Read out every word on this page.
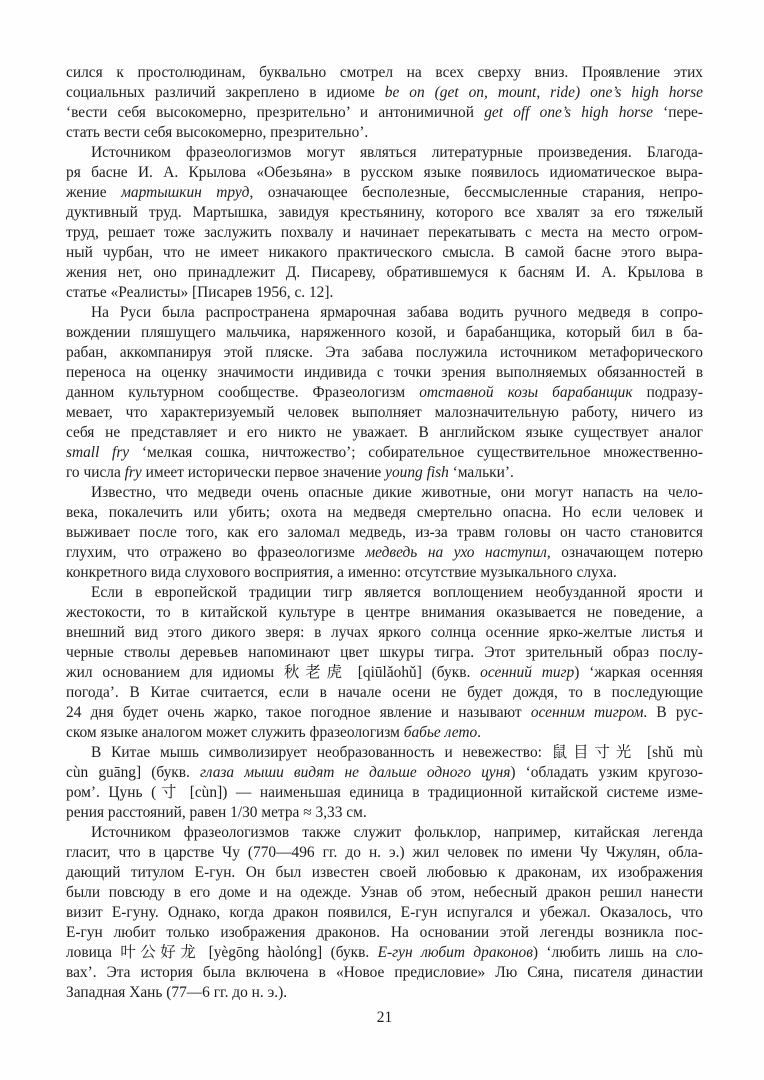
сился к простолюдинам, буквально смотрел на всех сверху вниз. Проявление этих
социальных различий закреплено в идиоме be on (get on, mount, ride) one’s high horse
‘вести себя высокомерно, презрительно’ и антонимичной get off one’s high horse ‘пере-
стать вести себя высокомерно, презрительно’.
Источником фразеологизмов могут являться литературные произведения. Благода-
ря басне И. А. Крылова «Обезьяна» в русском языке появилось идиоматическое выра-
жение мартышкин труд, означающее бесполезные, бессмысленные старания, непро-
дуктивный труд. Мартышка, завидуя крестьянину, которого все хвалят за его тяжелый
труд, решает тоже заслужить похвалу и начинает перекатывать с места на место огром-
ный чурбан, что не имеет никакого практического смысла. В самой басне этого выра-
жения нет, оно принадлежит Д. Писареву, обратившемуся к басням И. А. Крылова в
статье «Реалисты» [Писарев 1956, с. 12].
На Руси была распространена ярмарочная забава водить ручного медведя в сопро-
вождении пляшущего мальчика, наряженного козой, и барабанщика, который бил в ба-
рабан, аккомпанируя этой пляске. Эта забава послужила источником метафорического
переноса на оценку значимости индивида с точки зрения выполняемых обязанностей в
данном культурном сообществе. Фразеологизм отставной козы барабанщик подразу-
мевает, что характеризуемый человек выполняет малозначительную работу, ничего из
себя не представляет и его никто не уважает. В английском языке существует аналог
small fry ‘мелкая сошка, ничтожество’; собирательное существительное множественно-
го числа fry имеет исторически первое значение young fish ‘мальки’.
Известно, что медведи очень опасные дикие животные, они могут напасть на чело-
века, покалечить или убить; охота на медведя смертельно опасна. Но если человек и
выживает после того, как его заломал медведь, из-за травм головы он часто становится
глухим, что отражено во фразеологизме медведь на ухо наступил, означающем потерю
конкретного вида слухового восприятия, а именно: отсутствие музыкального слуха.
Если в европейской традиции тигр является воплощением необузданной ярости и
жестокости, то в китайской культуре в центре внимания оказывается не поведение, а
внешний вид этого дикого зверя: в лучах яркого солнца осенние ярко-желтые листья и
черные стволы деревьев напоминают цвет шкуры тигра. Этот зрительный образ послу-
жил основанием для идиомы 秋老虎 [qiūlǎohǔ] (букв. осенний тигр) ‘жаркая осенняя
погода’. В Китае считается, если в начале осени не будет дождя, то в последующие
24 дня будет очень жарко, такое погодное явление и называют осенним тигром. В рус-
ском языке аналогом может служить фразеологизм бабье лето.
В Китае мышь символизирует необразованность и невежество: 鼠目寸光 [shǔ mù
cùn guāng] (букв. глаза мыши видят не дальше одного цуня) ‘обладать узким кругозо-
ром’. Цунь (寸 [cùn]) — наименьшая единица в традиционной китайской системе изме-
рения расстояний, равен 1/30 метра ≈ 3,33 см.
Источником фразеологизмов также служит фольклор, например, китайская легенда
гласит, что в царстве Чу (770—496 гг. до н. э.) жил человек по имени Чу Чжулян, обла-
дающий титулом Е-гун. Он был известен своей любовью к драконам, их изображения
были повсюду в его доме и на одежде. Узнав об этом, небесный дракон решил нанести
визит Е-гуну. Однако, когда дракон появился, Е-гун испугался и убежал. Оказалось, что
Е-гун любит только изображения драконов. На основании этой легенды возникла пос-
ловица 叶公好龙 [yègōng hàolóng] (букв. Е-гун любит драконов) ‘любить лишь на сло-
вах’. Эта история была включена в «Новое предисловие» Лю Сяна, писателя династии
Западная Хань (77—6 гг. до н. э.).
21
